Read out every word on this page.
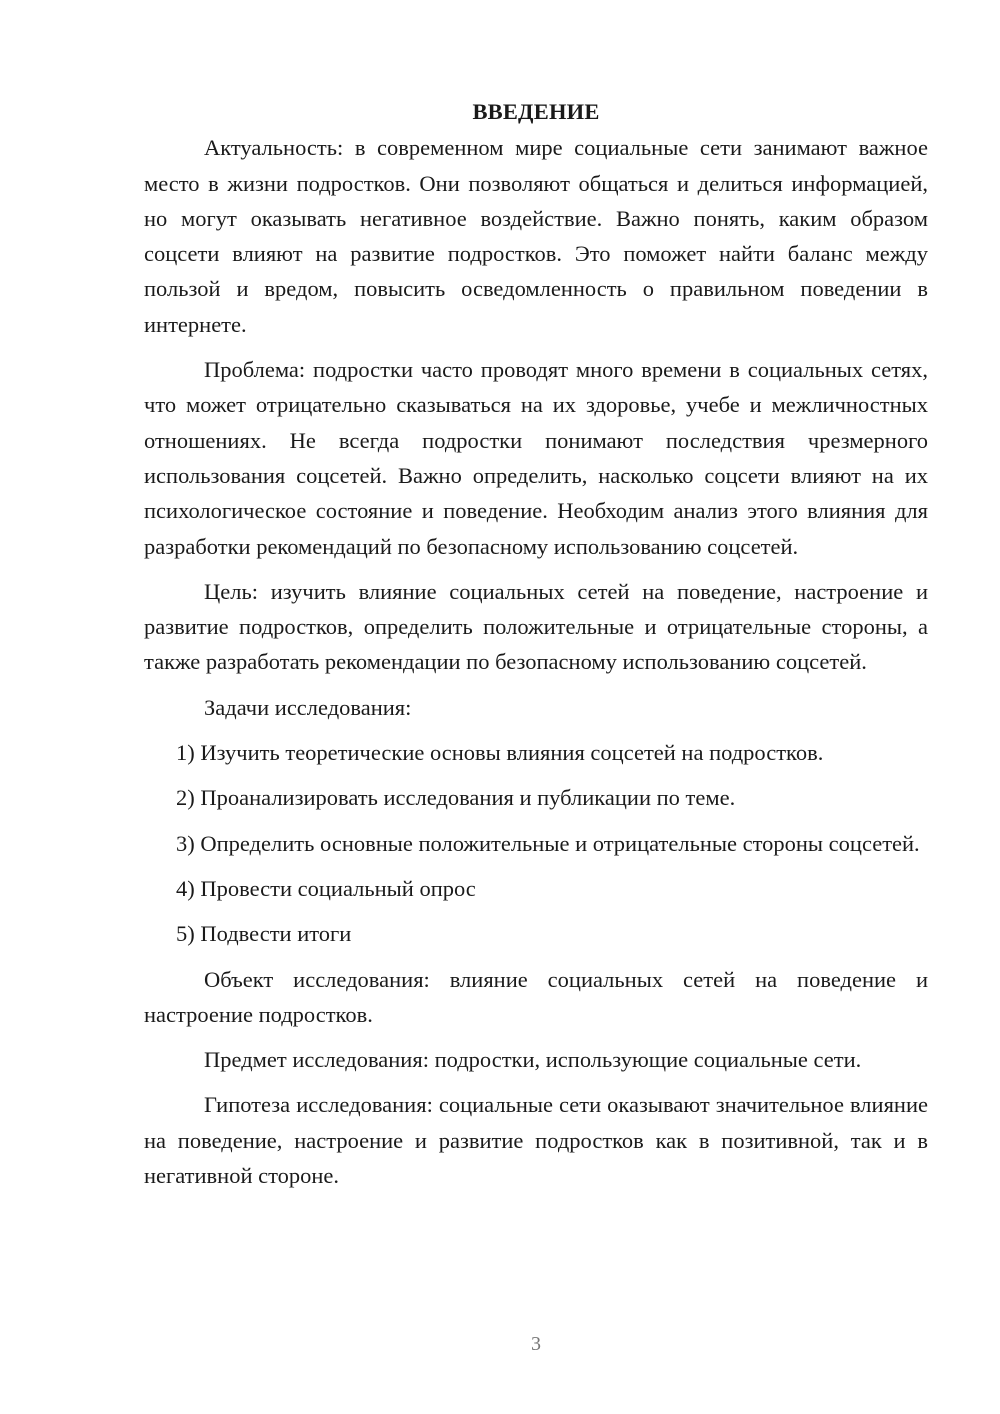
ВВЕДЕНИЕ

Актуальность: в современном мире социальные сети занимают важное место в жизни подростков. Они позволяют общаться и делиться информацией, но могут оказывать негативное воздействие. Важно понять, каким образом соцсети влияют на развитие подростков. Это поможет найти баланс между пользой и вредом, повысить осведомленность о правильном поведении в интернете.

Проблема: подростки часто проводят много времени в социальных сетях, что может отрицательно сказываться на их здоровье, учебе и межличностных отношениях. Не всегда подростки понимают последствия чрезмерного использования соцсетей. Важно определить, насколько соцсети влияют на их психологическое состояние и поведение. Необходим анализ этого влияния для разработки рекомендаций по безопасному использованию соцсетей.

Цель: изучить влияние социальных сетей на поведение, настроение и развитие подростков, определить положительные и отрицательные стороны, а также разработать рекомендации по безопасному использованию соцсетей.

Задачи исследования:

1) Изучить теоретические основы влияния соцсетей на подростков.

2) Проанализировать исследования и публикации по теме.

3) Определить основные положительные и отрицательные стороны соцсетей.

4) Провести социальный опрос

5) Подвести итоги

Объект исследования: влияние социальных сетей на поведение и настроение подростков.

Предмет исследования: подростки, использующие социальные сети.

Гипотеза исследования: социальные сети оказывают значительное влияние на поведение, настроение и развитие подростков как в позитивной, так и в негативной стороне.

3
